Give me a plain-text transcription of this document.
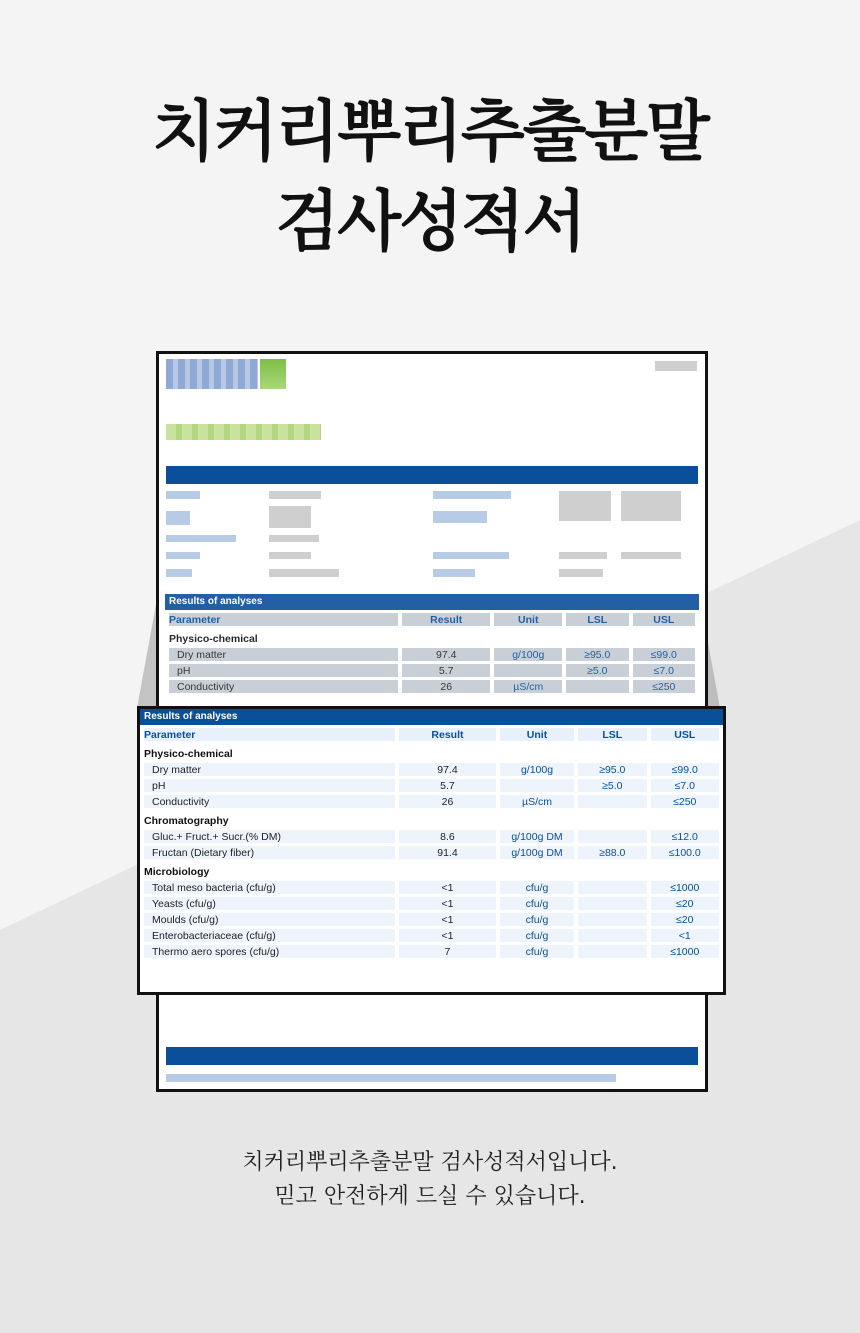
치커리뿌리추출분말
검사성적서
Results of analyses
Parameter	Result	Unit	LSL	USL
Physico-chemical				
Dry matter	97.4	g/100g	≥95.0	≤99.0
pH	5.7		≥5.0	≤7.0
Conductivity	26	µS/cm		≤250
Results of analyses
Parameter	Result	Unit	LSL	USL
Physico-chemical				
Dry matter	97.4	g/100g	≥95.0	≤99.0
pH	5.7		≥5.0	≤7.0
Conductivity	26	µS/cm		≤250
Chromatography				
Gluc.+ Fruct.+ Sucr.(% DM)	8.6	g/100g DM		≤12.0
Fructan (Dietary fiber)	91.4	g/100g DM	≥88.0	≤100.0
Microbiology				
Total meso bacteria (cfu/g)	<1	cfu/g		≤1000
Yeasts (cfu/g)	<1	cfu/g		≤20
Moulds (cfu/g)	<1	cfu/g		≤20
Enterobacteriaceae (cfu/g)	<1	cfu/g		<1
Thermo aero spores (cfu/g)	7	cfu/g		≤1000
치커리뿌리추출분말 검사성적서입니다.
믿고 안전하게 드실 수 있습니다.
